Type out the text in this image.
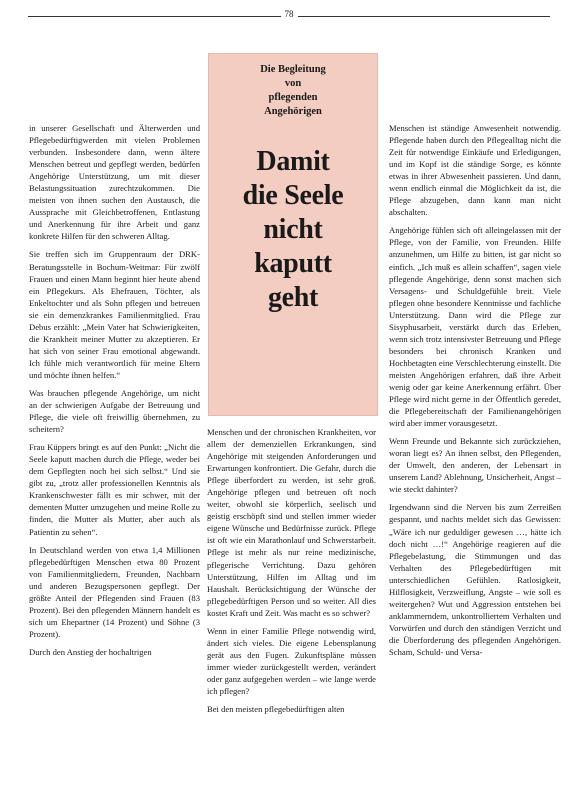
78
Die Begleitung
von
pflegenden
Angehörigen
Damit
die Seele
nicht
kaputt
geht

in unserer Gesellschaft und Älterwerden und Pflegebedürftigwerden mit vielen Problemen verbunden. Insbesondere dann, wenn ältere Menschen betreut und gepflegt werden, bedürfen Angehörige Unterstützung, um mit dieser Belastungssituation zurechtzukommen. Die meisten von ihnen suchen den Austausch, die Aussprache mit Gleichbetroffenen, Entlastung und Anerkennung für ihre Arbeit und ganz konkrete Hilfen für den schweren Alltag.

Sie treffen sich im Gruppenraum der DRK-Beratungsstelle in Bochum-Weitmar: Für zwölf Frauen und einen Mann beginnt hier heute abend ein Pflegekurs. Als Ehefrauen, Töchter, als Enkeltochter und als Sohn pflegen und betreuen sie ein demenzkrankes Familienmitglied. Frau Debus erzählt: „Mein Vater hat Schwierigkeiten, die Krankheit meiner Mutter zu akzeptieren. Er hat sich von seiner Frau emotional abgewandt. Ich fühle mich verantwortlich für meine Eltern und möchte ihnen helfen.“

Was brauchen pflegende Angehörige, um nicht an der schwierigen Aufgabe der Betreuung und Pflege, die viele oft freiwillig übernehmen, zu scheitern?

Frau Küppers bringt es auf den Punkt: „Nicht die Seele kaputt machen durch die Pflege, weder bei dem Gepflegten noch bei sich selbst.“ Und sie gibt zu, „trotz aller professionellen Kenntnis als Krankenschwester fällt es mir schwer, mit der dementen Mutter umzugehen und meine Rolle zu finden, die Mutter als Mutter, aber auch als Patientin zu sehen“.

In Deutschland werden von etwa 1,4 Millionen pflegebedürftigen Menschen etwa 80 Prozent von Familienmitgliedern, Freunden, Nachbarn und anderen Bezugspersonen gepflegt. Der größte Anteil der Pflegenden sind Frauen (83 Prozent). Bei den pflegenden Männern handelt es sich um Ehepartner (14 Prozent) und Söhne (3 Prozent).

Durch den Anstieg der hochaltrigen

Menschen und der chronischen Krankheiten, vor allem der demenziellen Erkrankungen, sind Angehörige mit steigenden Anforderungen und Erwartungen konfrontiert. Die Gefahr, durch die Pflege überfordert zu werden, ist sehr groß. Angehörige pflegen und betreuen oft noch weiter, obwohl sie körperlich, seelisch und geistig erschöpft sind und stellen immer wieder eigene Wünsche und Bedürfnisse zurück. Pflege ist oft wie ein Marathonlauf und Schwerstarbeit. Pflege ist mehr als nur reine medizinische, pflegerische Verrichtung. Dazu gehören Unterstützung, Hilfen im Alltag und im Haushalt. Berücksichtigung der Wünsche der pflegebedürftigen Person und so weiter. All dies kostet Kraft und Zeit. Was macht es so schwer?

Wenn in einer Familie Pflege notwendig wird, ändert sich vieles. Die eigene Lebensplanung gerät aus den Fugen. Zukunftspläne müssen immer wieder zurückgestellt werden, verändert oder ganz aufgegeben werden – wie lange werde ich pflegen?

Bei den meisten pflegebedürftigen alten

Menschen ist ständige Anwesenheit notwendig. Pflegende haben durch den Pflegealltag nicht die Zeit für notwendige Einkäufe und Erledigungen, und im Kopf ist die ständige Sorge, es könnte etwas in ihrer Abwesenheit passieren. Und dann, wenn endlich einmal die Möglichkeit da ist, die Pflege abzugeben, dann kann man nicht abschalten.

Angehörige fühlen sich oft alleingelassen mit der Pflege, von der Familie, von Freunden. Hilfe anzunehmen, um Hilfe zu bitten, ist gar nicht so einfich. „Ich muß es allein schaffen“, sagen viele pflegende Angehörige, denn sonst machen sich Versagens- und Schuldgefühle breit. Viele pflegen ohne besondere Kenntnisse und fachliche Unterstützung. Dann wird die Pflege zur Sisyphusarbeit, verstärkt durch das Erleben, wenn sich trotz intensivster Betreuung und Pflege besonders bei chronisch Kranken und Hochbetagten eine Verschlechterung einstellt. Die meisten Angehörigen erfahren, daß ihre Arbeit wenig oder gar keine Anerkennung erfährt. Über Pflege wird nicht gerne in der Öffentlich geredet, die Pflegebereitschaft der Familienangehörigen wird aber immer vorausgesetzt.

Wenn Freunde und Bekannte sich zurückziehen, woran liegt es? An ihnen selbst, den Pflegenden, der Umwelt, den anderen, der Lebensart in unserem Land? Ablehnung, Unsicherheit, Angst – wie steckt dahinter?

Irgendwann sind die Nerven bis zum Zerreißen gespannt, und nachts meldet sich das Gewissen: „Wäre ich nur geduldiger gewesen …, hätte ich doch nicht …!“ Angehörige reagieren auf die Pflegebelastung, die Stimmungen und das Verhalten des Pflegebedürftigen mit unterschiedlichen Gefühlen. Ratlosigkeit, Hilflosigkeit, Verzweiflung, Angste – wie soll es weitergehen? Wut und Aggression entstehen bei anklammerndem, unkontrolliertem Verhalten und Vorwürfen und durch den ständigen Verzicht und die Überforderung des pflegenden Angehörigen. Scham, Schuld- und Versa-
